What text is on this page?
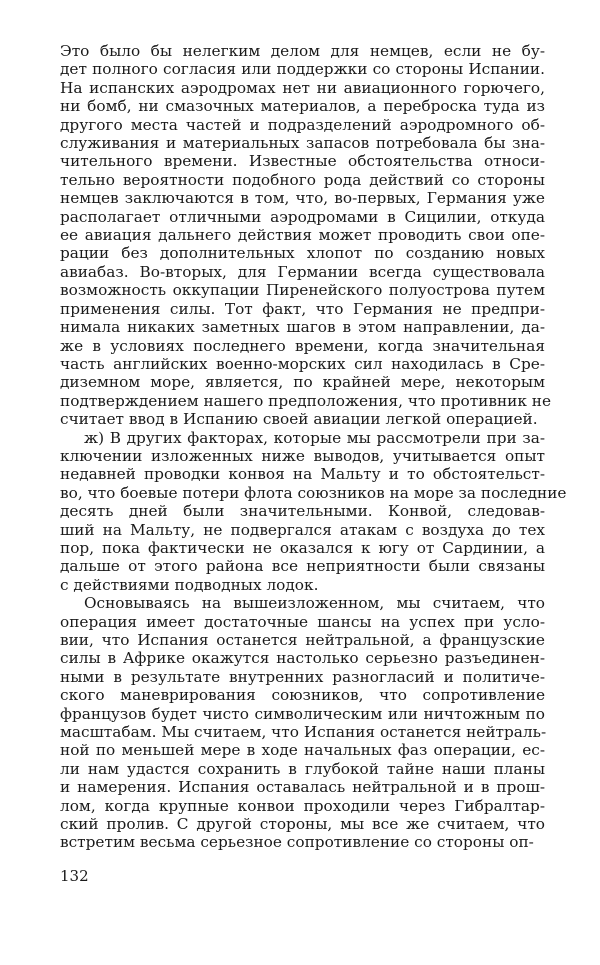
Это было бы нелегким делом для немцев, если не бу-
дет полного согласия или поддержки со стороны Испании.
На испанских аэродромах нет ни авиационного горючего,
ни бомб, ни смазочных материалов, а переброска туда из
другого места частей и подразделений аэродромного об-
служивания и материальных запасов потребовала бы зна-
чительного времени. Известные обстоятельства относи-
тельно вероятности подобного рода действий со стороны
немцев заключаются в том, что, во-первых, Германия уже
располагает отличными аэродромами в Сицилии, откуда
ее авиация дальнего действия может проводить свои опе-
рации без дополнительных хлопот по созданию новых
авиабаз. Во-вторых, для Германии всегда существовала
возможность оккупации Пиренейского полуострова путем
применения силы. Тот факт, что Германия не предпри-
нимала никаких заметных шагов в этом направлении, да-
же в условиях последнего времени, когда значительная
часть английских военно-морских сил находилась в Сре-
диземном море, является, по крайней мере, некоторым
подтверждением нашего предположения, что противник не
считает ввод в Испанию своей авиации легкой операцией.

ж) В других факторах, которые мы рассмотрели при за-
ключении изложенных ниже выводов, учитывается опыт
недавней проводки конвоя на Мальту и то обстоятельст-
во, что боевые потери флота союзников на море за последние
десять дней были значительными. Конвой, следовав-
ший на Мальту, не подвергался атакам с воздуха до тех
пор, пока фактически не оказался к югу от Сардинии, а
дальше от этого района все неприятности были связаны
с действиями подводных лодок.

Основываясь на вышеизложенном, мы считаем, что
операция имеет достаточные шансы на успех при усло-
вии, что Испания останется нейтральной, а французские
силы в Африке окажутся настолько серьезно разъединен-
ными в результате внутренних разногласий и политиче-
ского маневрирования союзников, что сопротивление
французов будет чисто символическим или ничтожным по
масштабам. Мы считаем, что Испания останется нейтраль-
ной по меньшей мере в ходе начальных фаз операции, ес-
ли нам удастся сохранить в глубокой тайне наши планы
и намерения. Испания оставалась нейтральной и в прош-
лом, когда крупные конвои проходили через Гибралтар-
ский пролив. С другой стороны, мы все же считаем, что
встретим весьма серьезное сопротивление со стороны оп-

132
